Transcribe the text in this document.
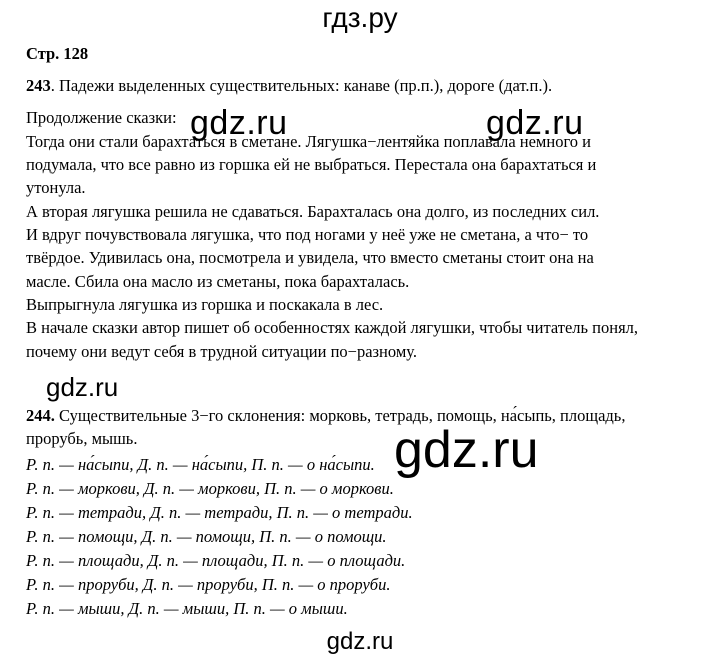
гдз.ру
Стр. 128
243. Падежи выделенных существительных: канаве (пр.п.), дороге (дат.п.).
Продолжение сказки:
Тогда они стали барахтаться в сметане. Лягушка−лентяйка поплавала немного и
подумала, что все равно из горшка ей не выбраться. Перестала она барахтаться и
утонула.
А вторая лягушка решила не сдаваться. Барахталась она долго, из последних сил.
И вдруг почувствовала лягушка, что под ногами у неё уже не сметана, а что− то
твёрдое. Удивилась она, посмотрела и увидела, что вместо сметаны стоит она на
масле. Сбила она масло из сметаны, пока барахталась.
Выпрыгнула лягушка из горшка и поскакала в лес.
В начале сказки автор пишет об особенностях каждой лягушки, чтобы читатель понял,
почему они ведут себя в трудной ситуации по−разному.
244. Существительные 3−го склонения: морковь, тетрадь, помощь, на́сыпь, площадь,
прорубь, мышь.
Р. п. — на́сыпи, Д. п. — на́сыпи, П. п. — о на́сыпи.
Р. п. — моркови, Д. п. — моркови, П. п. — о моркови.
Р. п. — тетради, Д. п. — тетради, П. п. — о тетради.
Р. п. — помощи, Д. п. — помощи, П. п. — о помощи.
Р. п. — площади, Д. п. — площади, П. п. — о площади.
Р. п. — проруби, Д. п. — проруби, П. п. — о проруби.
Р. п. — мыши, Д. п. — мыши, П. п. — о мыши.
gdz.ru	gdz.ru
gdz.ru
gdz.ru
gdz.ru
